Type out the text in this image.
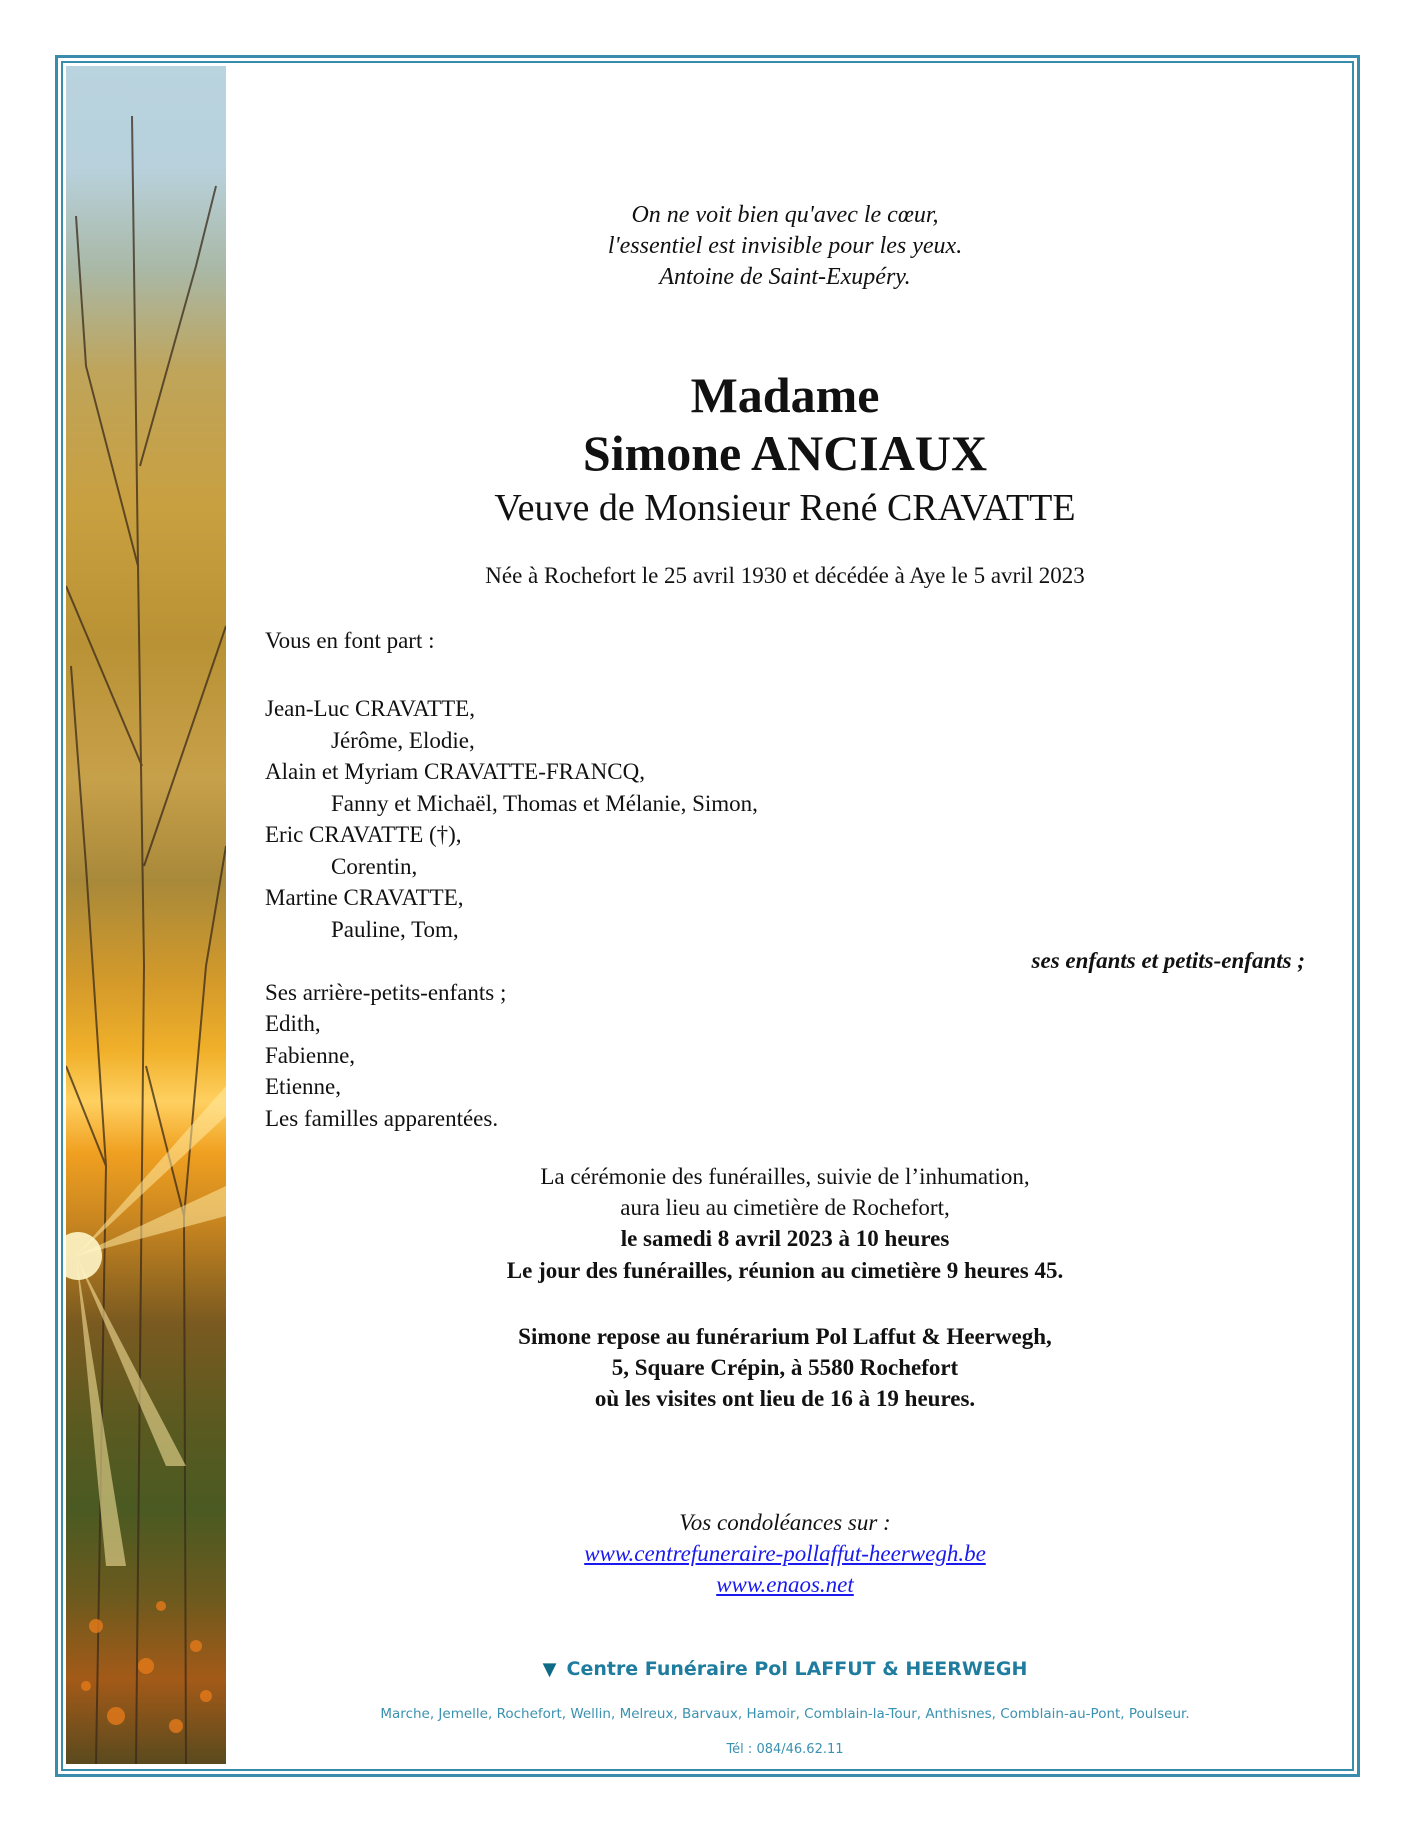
On ne voit bien qu'avec le cœur,
l'essentiel est invisible pour les yeux.
Antoine de Saint-Exupéry.
Madame
Simone ANCIAUX
Veuve de Monsieur René CRAVATTE
Née à Rochefort le 25 avril 1930 et décédée à Aye le 5 avril 2023
Vous en font part :
Jean-Luc CRAVATTE,
Jérôme, Elodie,
Alain et Myriam CRAVATTE-FRANCQ,
Fanny et Michaël, Thomas et Mélanie, Simon,
Eric CRAVATTE (†),
Corentin,
Martine CRAVATTE,
Pauline, Tom,
ses enfants et petits-enfants ;
Ses arrière-petits-enfants ;
Edith,
Fabienne,
Etienne,
Les familles apparentées.
La cérémonie des funérailles, suivie de l’inhumation,
aura lieu au cimetière de Rochefort,
le samedi 8 avril 2023 à 10 heures
Le jour des funérailles, réunion au cimetière 9 heures 45.
Simone repose au funérarium Pol Laffut & Heerwegh,
5, Square Crépin, à 5580 Rochefort
où les visites ont lieu de 16 à 19 heures.
Vos condoléances sur :
www.centrefuneraire-pollaffut-heerwegh.be
www.enaos.net
▼ Centre Funéraire Pol LAFFUT & HEERWEGH
Marche, Jemelle, Rochefort, Wellin, Melreux, Barvaux, Hamoir, Comblain-la-Tour, Anthisnes, Comblain-au-Pont, Poulseur.
Tél : 084/46.62.11
